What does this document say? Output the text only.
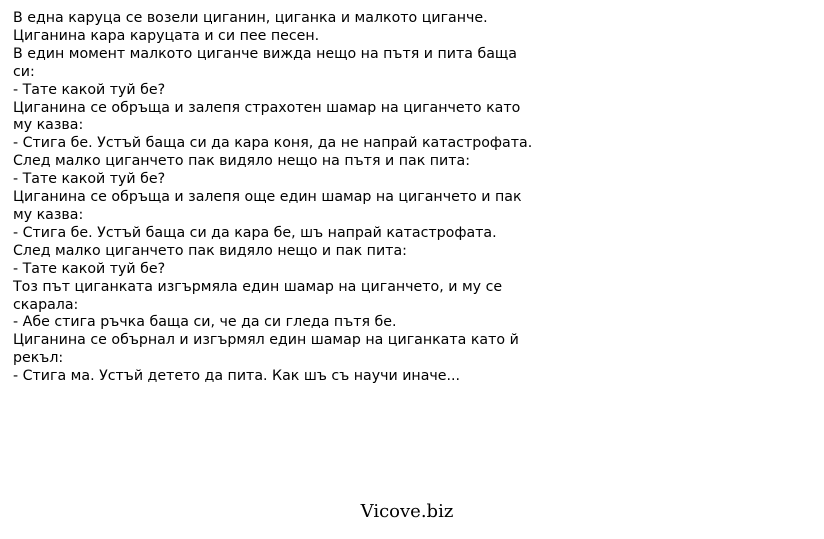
В една каруца се возели циганин, циганка и малкото циганче.
Циганина кара каруцата и си пее песен.
В един момент малкото циганче вижда нещо на пътя и пита баща
си:
- Тате какой туй бе?
Циганина се обръща и залепя страхотен шамар на циганчето като
му казва:
- Стига бе. Устъй баща си да кара коня, да не напрай катастрофата.
След малко циганчето пак видяло нещо на пътя и пак пита:
- Тате какой туй бе?
Циганина се обръща и залепя още един шамар на циганчето и пак
му казва:
- Стига бе. Устъй баща си да кара бе, шъ напрай катастрофата.
След малко циганчето пак видяло нещо и пак пита:
- Тате какой туй бе?
Тоз път циганката изгърмяла един шамар на циганчето, и му се
скарала:
- Абе стига ръчка баща си, че да си гледа пътя бе.
Циганина се обърнал и изгърмял един шамар на циганката като й
рекъл:
- Стига ма. Устъй детето да пита. Как шъ съ научи иначе...
Vicove.biz
